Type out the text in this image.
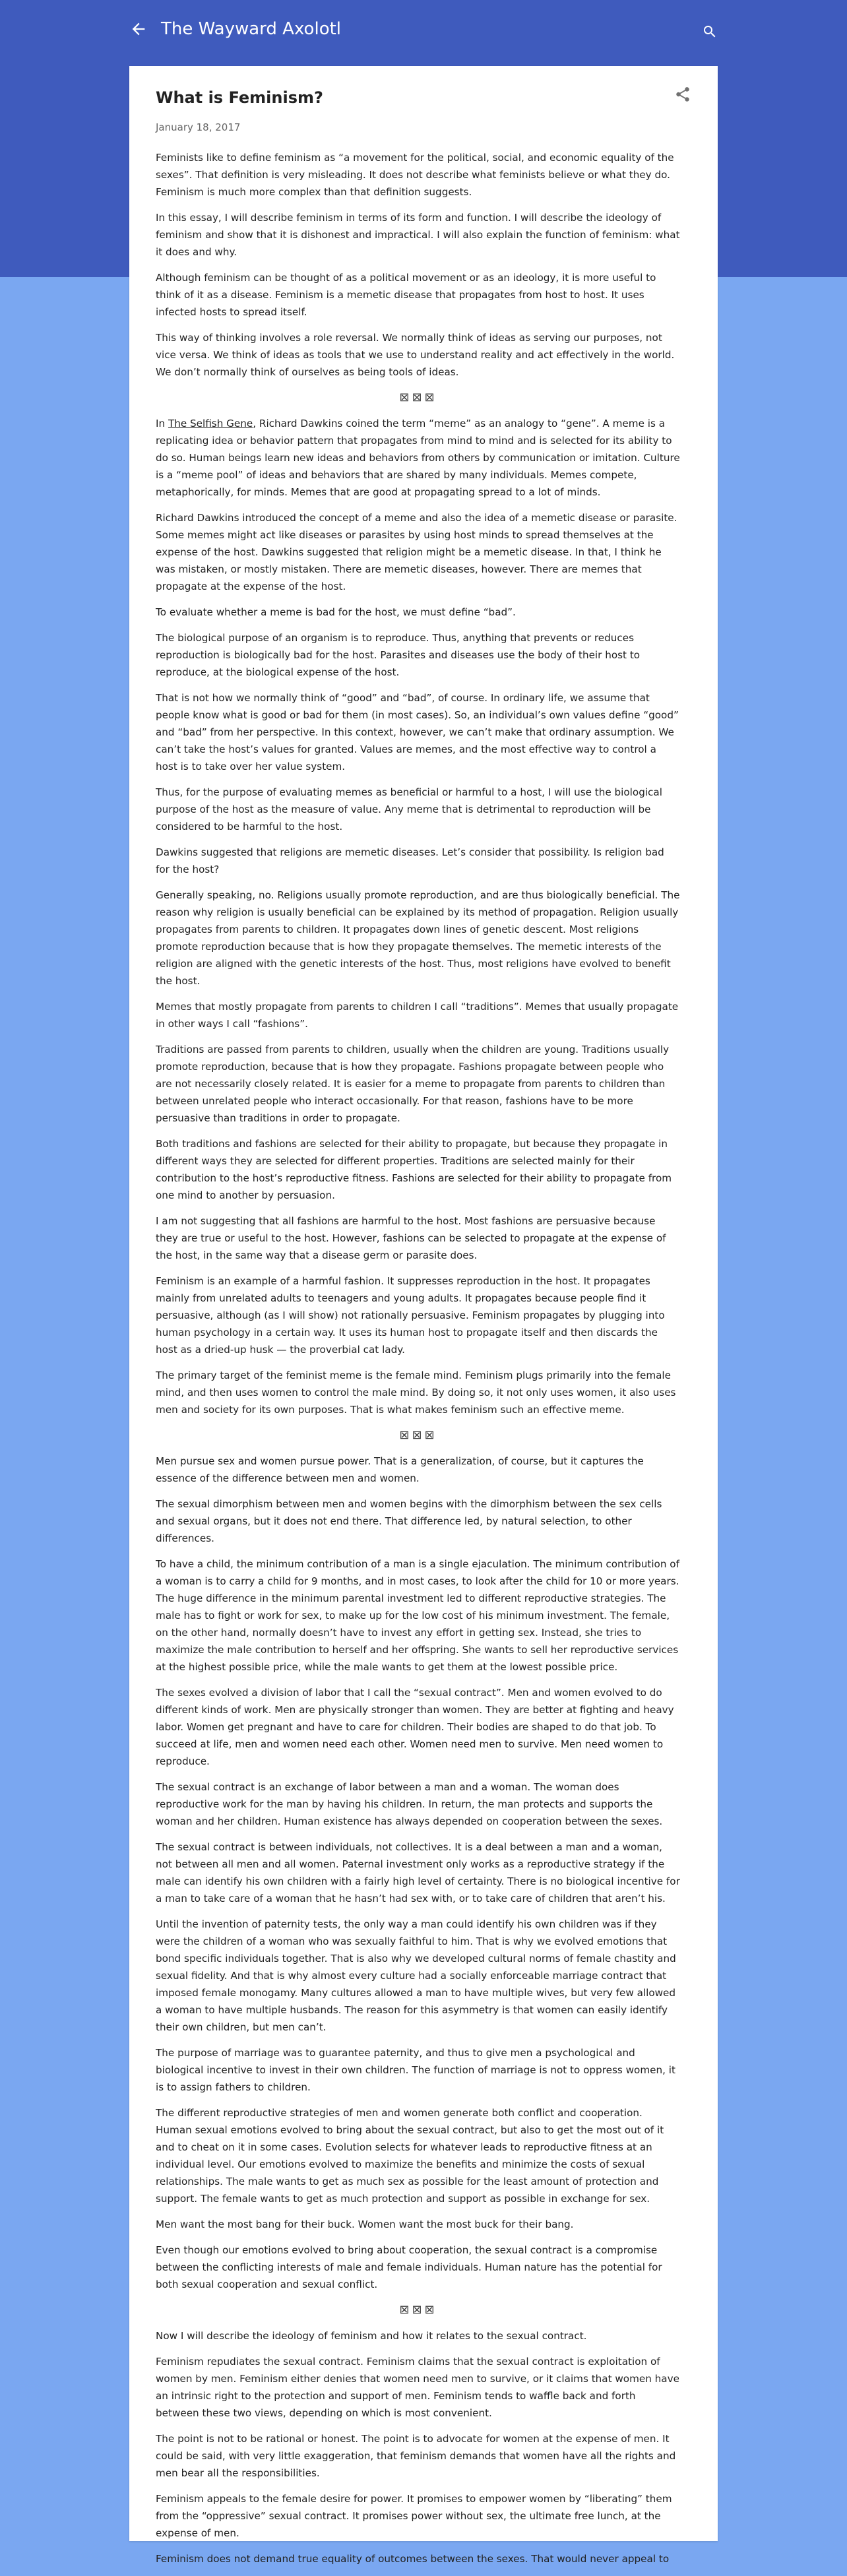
The Wayward Axolotl
What is Feminism?
January 18, 2017

Feminists like to define feminism as “a movement for the political, social, and economic equality of the sexes”. That definition is very misleading. It does not describe what feminists believe or what they do. Feminism is much more complex than that definition suggests.

In this essay, I will describe feminism in terms of its form and function. I will describe the ideology of feminism and show that it is dishonest and impractical. I will also explain the function of feminism: what it does and why.

Although feminism can be thought of as a political movement or as an ideology, it is more useful to think of it as a disease. Feminism is a memetic disease that propagates from host to host. It uses infected hosts to spread itself.

This way of thinking involves a role reversal. We normally think of ideas as serving our purposes, not vice versa. We think of ideas as tools that we use to understand reality and act effectively in the world. We don’t normally think of ourselves as being tools of ideas.

⊠⊠⊠

In The Selfish Gene, Richard Dawkins coined the term “meme” as an analogy to “gene”. A meme is a replicating idea or behavior pattern that propagates from mind to mind and is selected for its ability to do so. Human beings learn new ideas and behaviors from others by communication or imitation. Culture is a “meme pool” of ideas and behaviors that are shared by many individuals. Memes compete, metaphorically, for minds. Memes that are good at propagating spread to a lot of minds.

Richard Dawkins introduced the concept of a meme and also the idea of a memetic disease or parasite. Some memes might act like diseases or parasites by using host minds to spread themselves at the expense of the host. Dawkins suggested that religion might be a memetic disease. In that, I think he was mistaken, or mostly mistaken. There are memetic diseases, however. There are memes that propagate at the expense of the host.

To evaluate whether a meme is bad for the host, we must define “bad”.

The biological purpose of an organism is to reproduce. Thus, anything that prevents or reduces reproduction is biologically bad for the host. Parasites and diseases use the body of their host to reproduce, at the biological expense of the host.

That is not how we normally think of “good” and “bad”, of course. In ordinary life, we assume that people know what is good or bad for them (in most cases). So, an individual’s own values define “good” and “bad” from her perspective. In this context, however, we can’t make that ordinary assumption. We can’t take the host’s values for granted. Values are memes, and the most effective way to control a host is to take over her value system.

Thus, for the purpose of evaluating memes as beneficial or harmful to a host, I will use the biological purpose of the host as the measure of value. Any meme that is detrimental to reproduction will be considered to be harmful to the host.

Dawkins suggested that religions are memetic diseases. Let’s consider that possibility. Is religion bad for the host?

Generally speaking, no. Religions usually promote reproduction, and are thus biologically beneficial. The reason why religion is usually beneficial can be explained by its method of propagation. Religion usually propagates from parents to children. It propagates down lines of genetic descent. Most religions promote reproduction because that is how they propagate themselves. The memetic interests of the religion are aligned with the genetic interests of the host. Thus, most religions have evolved to benefit the host.

Memes that mostly propagate from parents to children I call “traditions”. Memes that usually propagate in other ways I call “fashions”.

Traditions are passed from parents to children, usually when the children are young. Traditions usually promote reproduction, because that is how they propagate. Fashions propagate between people who are not necessarily closely related. It is easier for a meme to propagate from parents to children than between unrelated people who interact occasionally. For that reason, fashions have to be more persuasive than traditions in order to propagate.

Both traditions and fashions are selected for their ability to propagate, but because they propagate in different ways they are selected for different properties. Traditions are selected mainly for their contribution to the host’s reproductive fitness. Fashions are selected for their ability to propagate from one mind to another by persuasion.

I am not suggesting that all fashions are harmful to the host. Most fashions are persuasive because they are true or useful to the host. However, fashions can be selected to propagate at the expense of the host, in the same way that a disease germ or parasite does.

Feminism is an example of a harmful fashion. It suppresses reproduction in the host. It propagates mainly from unrelated adults to teenagers and young adults. It propagates because people find it persuasive, although (as I will show) not rationally persuasive. Feminism propagates by plugging into human psychology in a certain way. It uses its human host to propagate itself and then discards the host as a dried-up husk — the proverbial cat lady.

The primary target of the feminist meme is the female mind. Feminism plugs primarily into the female mind, and then uses women to control the male mind. By doing so, it not only uses women, it also uses men and society for its own purposes. That is what makes feminism such an effective meme.

⊠⊠⊠

Men pursue sex and women pursue power. That is a generalization, of course, but it captures the essence of the difference between men and women.

The sexual dimorphism between men and women begins with the dimorphism between the sex cells and sexual organs, but it does not end there. That difference led, by natural selection, to other differences.

To have a child, the minimum contribution of a man is a single ejaculation. The minimum contribution of a woman is to carry a child for 9 months, and in most cases, to look after the child for 10 or more years. The huge difference in the minimum parental investment led to different reproductive strategies. The male has to fight or work for sex, to make up for the low cost of his minimum investment. The female, on the other hand, normally doesn’t have to invest any effort in getting sex. Instead, she tries to maximize the male contribution to herself and her offspring. She wants to sell her reproductive services at the highest possible price, while the male wants to get them at the lowest possible price.

The sexes evolved a division of labor that I call the “sexual contract”. Men and women evolved to do different kinds of work. Men are physically stronger than women. They are better at fighting and heavy labor. Women get pregnant and have to care for children. Their bodies are shaped to do that job. To succeed at life, men and women need each other. Women need men to survive. Men need women to reproduce.

The sexual contract is an exchange of labor between a man and a woman. The woman does reproductive work for the man by having his children. In return, the man protects and supports the woman and her children. Human existence has always depended on cooperation between the sexes.

The sexual contract is between individuals, not collectives. It is a deal between a man and a woman, not between all men and all women. Paternal investment only works as a reproductive strategy if the male can identify his own children with a fairly high level of certainty. There is no biological incentive for a man to take care of a woman that he hasn’t had sex with, or to take care of children that aren’t his.

Until the invention of paternity tests, the only way a man could identify his own children was if they were the children of a woman who was sexually faithful to him. That is why we evolved emotions that bond specific individuals together. That is also why we developed cultural norms of female chastity and sexual fidelity. And that is why almost every culture had a socially enforceable marriage contract that imposed female monogamy. Many cultures allowed a man to have multiple wives, but very few allowed a woman to have multiple husbands. The reason for this asymmetry is that women can easily identify their own children, but men can’t.

The purpose of marriage was to guarantee paternity, and thus to give men a psychological and biological incentive to invest in their own children. The function of marriage is not to oppress women, it is to assign fathers to children.

The different reproductive strategies of men and women generate both conflict and cooperation. Human sexual emotions evolved to bring about the sexual contract, but also to get the most out of it and to cheat on it in some cases. Evolution selects for whatever leads to reproductive fitness at an individual level. Our emotions evolved to maximize the benefits and minimize the costs of sexual relationships. The male wants to get as much sex as possible for the least amount of protection and support. The female wants to get as much protection and support as possible in exchange for sex.

Men want the most bang for their buck. Women want the most buck for their bang.

Even though our emotions evolved to bring about cooperation, the sexual contract is a compromise between the conflicting interests of male and female individuals. Human nature has the potential for both sexual cooperation and sexual conflict.

⊠⊠⊠

Now I will describe the ideology of feminism and how it relates to the sexual contract.

Feminism repudiates the sexual contract. Feminism claims that the sexual contract is exploitation of women by men. Feminism either denies that women need men to survive, or it claims that women have an intrinsic right to the protection and support of men. Feminism tends to waffle back and forth between these two views, depending on which is most convenient.

The point is not to be rational or honest. The point is to advocate for women at the expense of men. It could be said, with very little exaggeration, that feminism demands that women have all the rights and men bear all the responsibilities.

Feminism appeals to the female desire for power. It promises to empower women by “liberating” them from the “oppressive” sexual contract. It promises power without sex, the ultimate free lunch, at the expense of men.

Feminism does not demand true equality of outcomes between the sexes. That would never appeal to
